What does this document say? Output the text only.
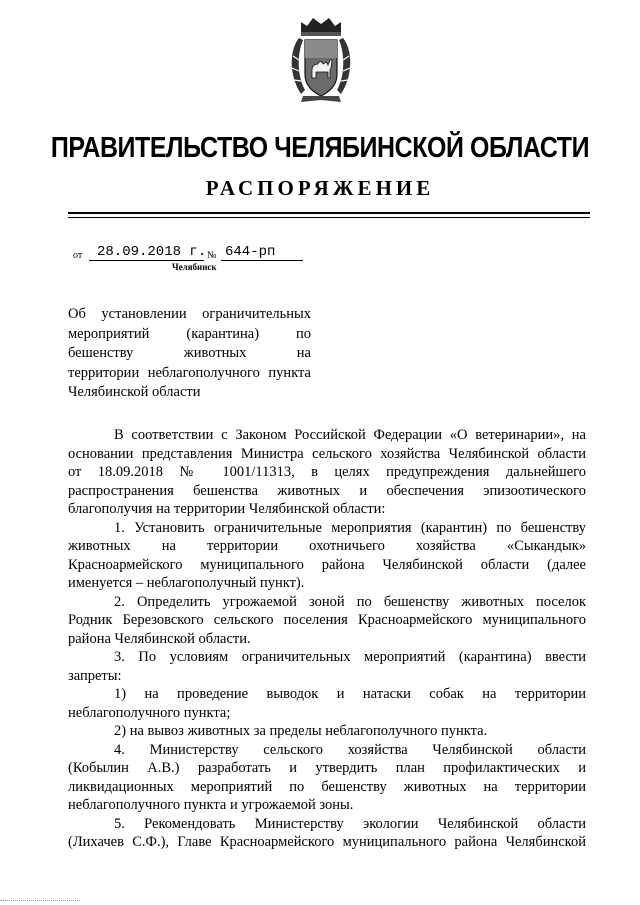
ПРАВИТЕЛЬСТВО ЧЕЛЯБИНСКОЙ ОБЛАСТИ
РАСПОРЯЖЕНИЕ
от 28.09.2018 г. № 644-рп
Челябинск
Об установлении ограничительных
мероприятий (карантина) по
бешенству животных на
территории неблагополучного пункта
Челябинской области

В соответствии с Законом Российской Федерации «О ветеринарии», на

основании представления Министра сельского хозяйства Челябинской области

от 18.09.2018 № 1001/11313, в целях предупреждения дальнейшего

распространения бешенства животных и обеспечения эпизоотического

благополучия на территории Челябинской области:

1. Установить ограничительные мероприятия (карантин) по бешенству

животных на территории охотничьего хозяйства «Сыкандык»

Красноармейского муниципального района Челябинской области (далее

именуется – неблагополучный пункт).

2. Определить угрожаемой зоной по бешенству животных поселок

Родник Березовского сельского поселения Красноармейского муниципального

района Челябинской области.

3. По условиям ограничительных мероприятий (карантина) ввести

запреты:

1) на проведение выводок и натаски собак на территории

неблагополучного пункта;

2) на вывоз животных за пределы неблагополучного пункта.

4. Министерству сельского хозяйства Челябинской области

(Кобылин А.В.) разработать и утвердить план профилактических и

ликвидационных мероприятий по бешенству животных на территории

неблагополучного пункта и угрожаемой зоны.

5. Рекомендовать Министерству экологии Челябинской области

(Лихачев С.Ф.), Главе Красноармейского муниципального района Челябинской
